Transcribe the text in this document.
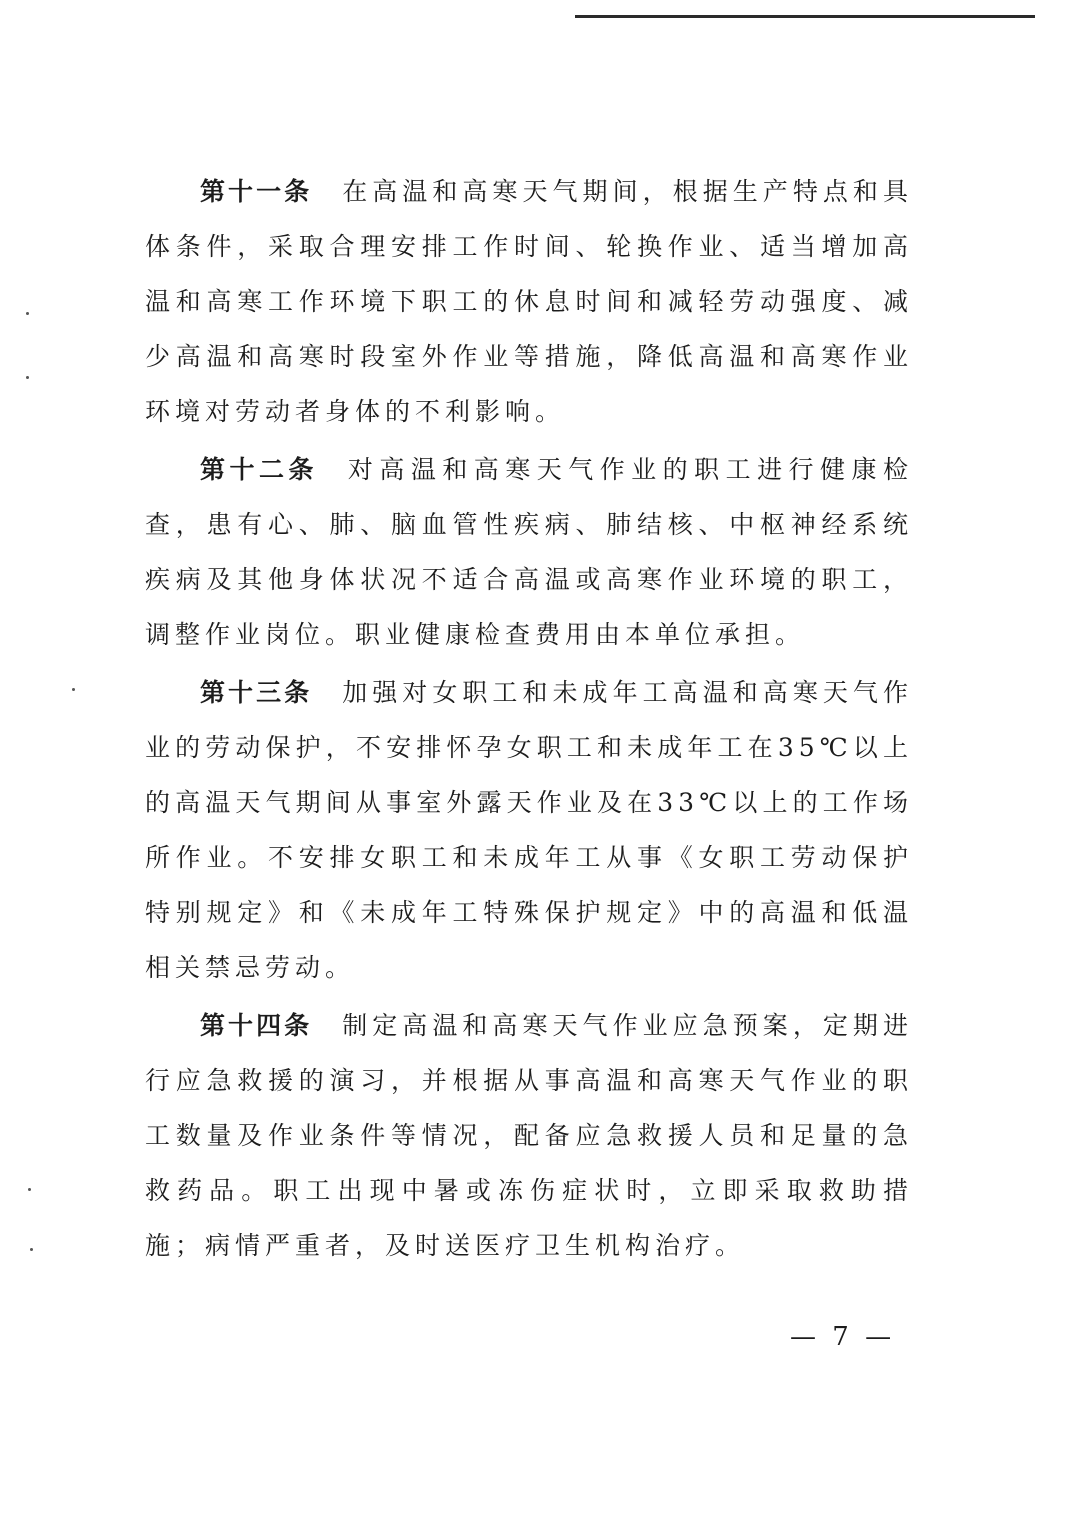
第十一条 在高温和高寒天气期间，根据生产特点和具体条件，采取合理安排工作时间、轮换作业、适当增加高温和高寒工作环境下职工的休息时间和减轻劳动强度、减少高温和高寒时段室外作业等措施，降低高温和高寒作业环境对劳动者身体的不利影响。

第十二条 对高温和高寒天气作业的职工进行健康检查，患有心、肺、脑血管性疾病、肺结核、中枢神经系统疾病及其他身体状况不适合高温或高寒作业环境的职工，调整作业岗位。职业健康检查费用由本单位承担。

第十三条 加强对女职工和未成年工高温和高寒天气作业的劳动保护，不安排怀孕女职工和未成年工在35℃以上的高温天气期间从事室外露天作业及在33℃以上的工作场所作业。不安排女职工和未成年工从事《女职工劳动保护特别规定》和《未成年工特殊保护规定》中的高温和低温相关禁忌劳动。

第十四条 制定高温和高寒天气作业应急预案，定期进行应急救援的演习，并根据从事高温和高寒天气作业的职工数量及作业条件等情况，配备应急救援人员和足量的急救药品。职工出现中暑或冻伤症状时，立即采取救助措施；病情严重者，及时送医疗卫生机构治疗。

— 7 —
